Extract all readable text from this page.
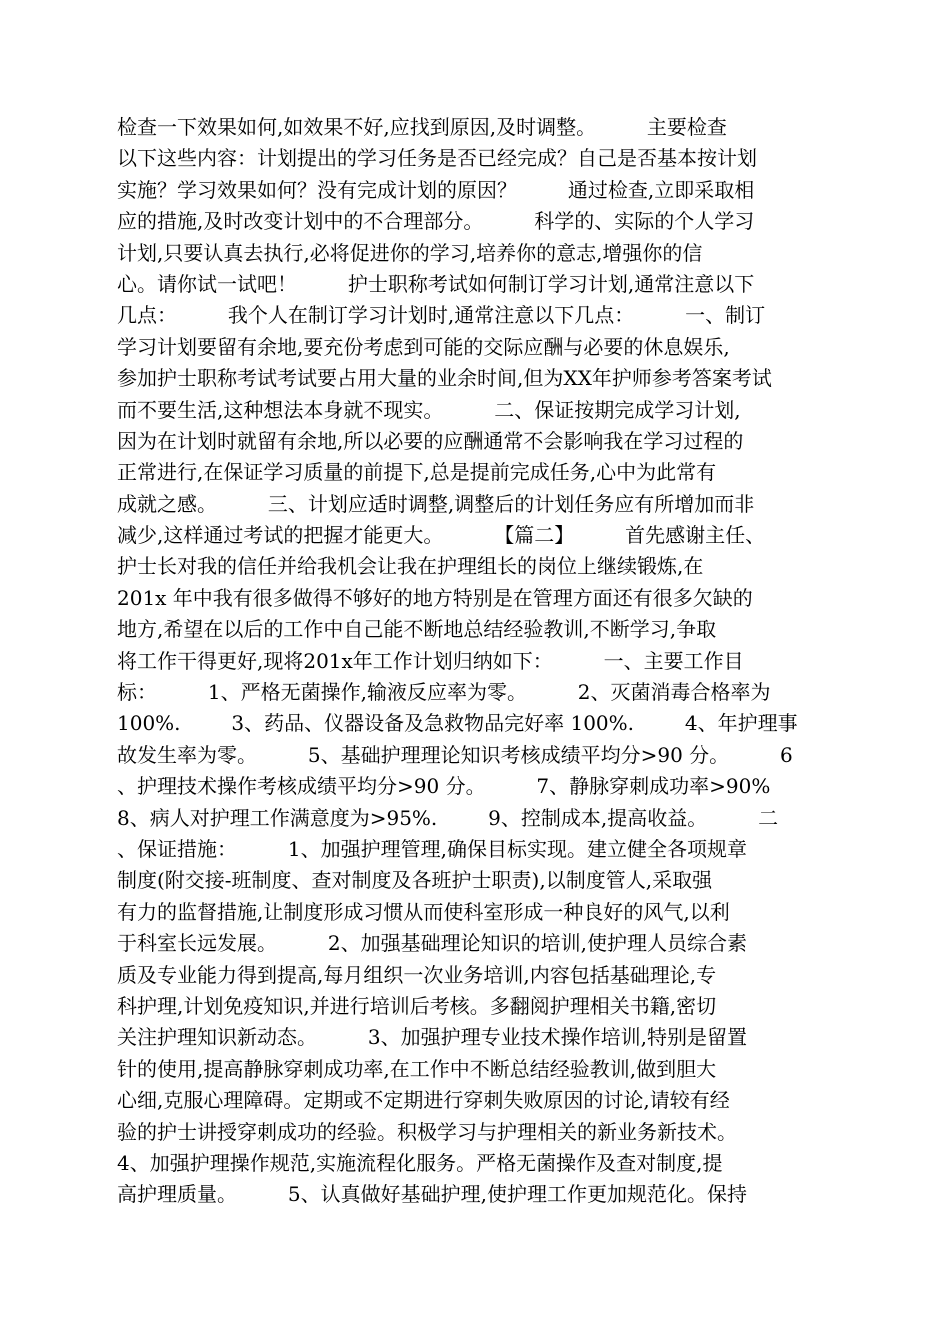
检查一下效果如何,如效果不好,应找到原因,及时调整。        主要检查
以下这些内容：计划提出的学习任务是否已经完成？自己是否基本按计划
实施？学习效果如何？没有完成计划的原因？        通过检查,立即采取相
应的措施,及时改变计划中的不合理部分。        科学的、实际的个人学习
计划,只要认真去执行,必将促进你的学习,培养你的意志,增强你的信
心。请你试一试吧！        护士职称考试如何制订学习计划,通常注意以下
几点：        我个人在制订学习计划时,通常注意以下几点：        一、制订
学习计划要留有余地,要充份考虑到可能的交际应酬与必要的休息娱乐,
参加护士职称考试考试要占用大量的业余时间,但为XX年护师参考答案考试
而不要生活,这种想法本身就不现实。        二、保证按期完成学习计划,
因为在计划时就留有余地,所以必要的应酬通常不会影响我在学习过程的
正常进行,在保证学习质量的前提下,总是提前完成任务,心中为此常有
成就之感。        三、计划应适时调整,调整后的计划任务应有所增加而非
减少,这样通过考试的把握才能更大。        【篇二】        首先感谢主任、
护士长对我的信任并给我机会让我在护理组长的岗位上继续锻炼,在
201x 年中我有很多做得不够好的地方特别是在管理方面还有很多欠缺的
地方,希望在以后的工作中自己能不断地总结经验教训,不断学习,争取
将工作干得更好,现将201x年工作计划归纳如下：        一、主要工作目
标：        1、严格无菌操作,输液反应率为零。        2、灭菌消毒合格率为
100%.        3、药品、仪器设备及急救物品完好率 100%.        4、年护理事
故发生率为零。        5、基础护理理论知识考核成绩平均分>90 分。        6
、护理技术操作考核成绩平均分>90 分。        7、静脉穿刺成功率>90%
8、病人对护理工作满意度为>95%.        9、控制成本,提高收益。        二
、保证措施：        1、加强护理管理,确保目标实现。建立健全各项规章
制度(附交接-班制度、查对制度及各班护士职责),以制度管人,采取强
有力的监督措施,让制度形成习惯从而使科室形成一种良好的风气,以利
于科室长远发展。        2、加强基础理论知识的培训,使护理人员综合素
质及专业能力得到提高,每月组织一次业务培训,内容包括基础理论,专
科护理,计划免疫知识,并进行培训后考核。多翻阅护理相关书籍,密切
关注护理知识新动态。        3、加强护理专业技术操作培训,特别是留置
针的使用,提高静脉穿刺成功率,在工作中不断总结经验教训,做到胆大
心细,克服心理障碍。定期或不定期进行穿刺失败原因的讨论,请较有经
验的护士讲授穿刺成功的经验。积极学习与护理相关的新业务新技术。
4、加强护理操作规范,实施流程化服务。严格无菌操作及查对制度,提
高护理质量。        5、认真做好基础护理,使护理工作更加规范化。保持
